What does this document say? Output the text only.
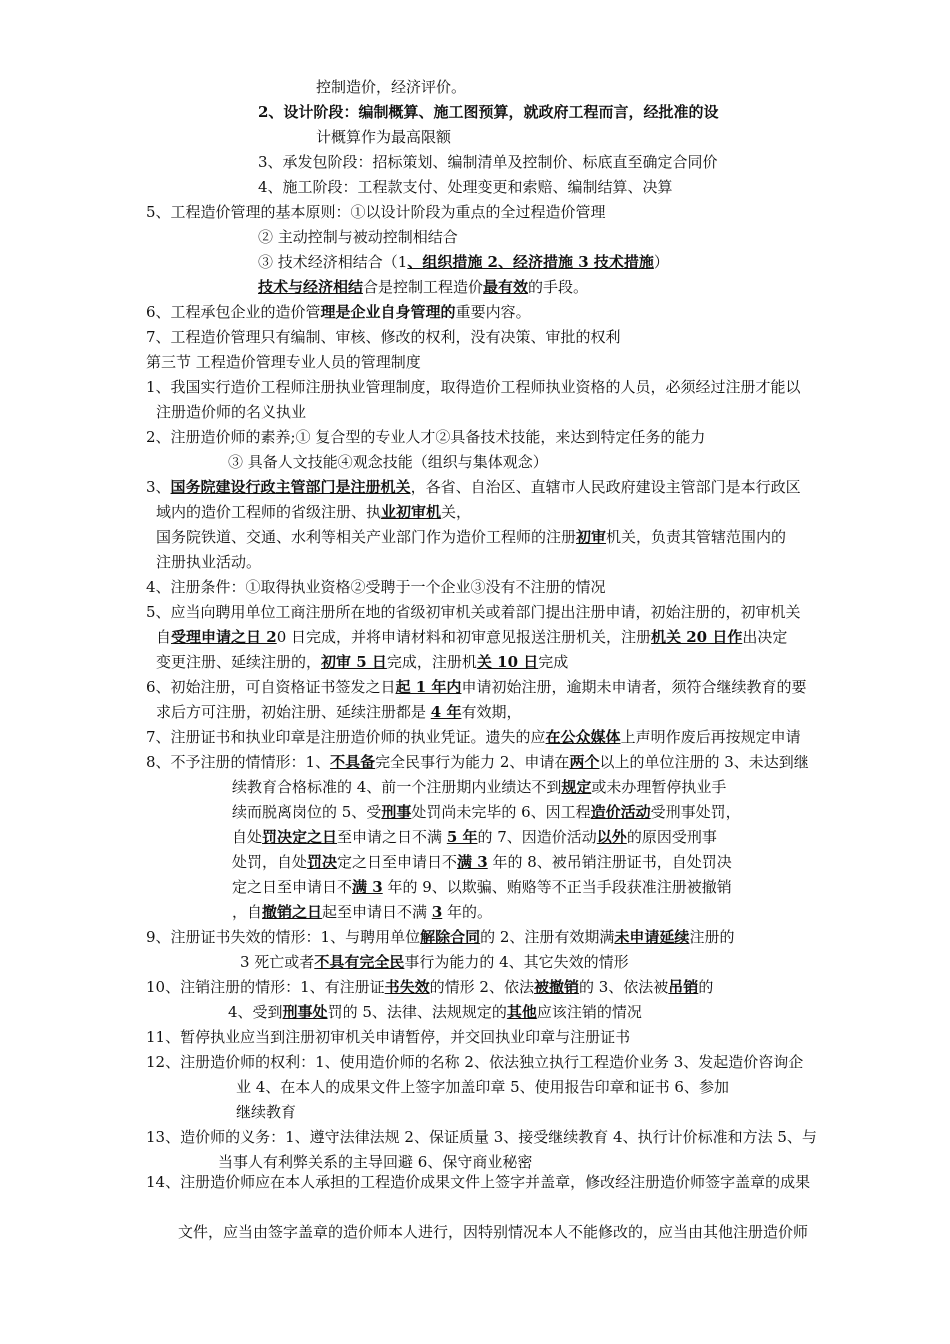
控制造价，经济评价。
2、设计阶段：编制概算、施工图预算，就政府工程而言，经批准的设
计概算作为最高限额
3、承发包阶段：招标策划、编制清单及控制价、标底直至确定合同价
4、施工阶段：工程款支付、处理变更和索赔、编制结算、决算
5、工程造价管理的基本原则：①以设计阶段为重点的全过程造价管理
② 主动控制与被动控制相结合
③ 技术经济相结合（1、组织措施 2、经济措施 3 技术措施）
技术与经济相结合是控制工程造价最有效的手段。
6、工程承包企业的造价管理是企业自身管理的重要内容。
7、工程造价管理只有编制、审核、修改的权利，没有决策、审批的权利
第三节 工程造价管理专业人员的管理制度
1、我国实行造价工程师注册执业管理制度，取得造价工程师执业资格的人员，必须经过注册才能以
注册造价师的名义执业
2、注册造价师的素养;① 复合型的专业人才②具备技术技能，来达到特定任务的能力
③ 具备人文技能④观念技能（组织与集体观念）
3、国务院建设行政主管部门是注册机关，各省、自治区、直辖市人民政府建设主管部门是本行政区
域内的造价工程师的省级注册、执业初审机关，
国务院铁道、交通、水利等相关产业部门作为造价工程师的注册初审机关，负责其管辖范围内的
注册执业活动。
4、注册条件：①取得执业资格②受聘于一个企业③没有不注册的情况
5、应当向聘用单位工商注册所在地的省级初审机关或着部门提出注册申请，初始注册的，初审机关
自受理申请之日 20 日完成，并将申请材料和初审意见报送注册机关，注册机关 20 日作出决定
变更注册、延续注册的，初审 5 日完成，注册机关 10 日完成
6、初始注册，可自资格证书签发之日起 1 年内申请初始注册，逾期未申请者，须符合继续教育的要
求后方可注册，初始注册、延续注册都是 4 年有效期，
7、注册证书和执业印章是注册造价师的执业凭证。遗失的应在公众媒体上声明作废后再按规定申请
8、不予注册的情情形：1、不具备完全民事行为能力 2、申请在两个以上的单位注册的 3、未达到继
续教育合格标准的 4、前一个注册期内业绩达不到规定或未办理暂停执业手
续而脱离岗位的 5、受刑事处罚尚未完毕的 6、因工程造价活动受刑事处罚，
自处罚决定之日至申请之日不满 5 年的 7、因造价活动以外的原因受刑事
处罚，自处罚决定之日至申请日不满 3 年的 8、被吊销注册证书，自处罚决
定之日至申请日不满 3 年的 9、以欺骗、贿赂等不正当手段获准注册被撤销
，自撤销之日起至申请日不满 3 年的。
9、注册证书失效的情形：1、与聘用单位解除合同的 2、注册有效期满未申请延续注册的
3 死亡或者不具有完全民事行为能力的 4、其它失效的情形
10、注销注册的情形：1、有注册证书失效的情形 2、依法被撤销的 3、依法被吊销的
4、受到刑事处罚的 5、法律、法规规定的其他应该注销的情况
11、暂停执业应当到注册初审机关申请暂停，并交回执业印章与注册证书
12、注册造价师的权利：1、使用造价师的名称 2、依法独立执行工程造价业务 3、发起造价咨询企
业 4、在本人的成果文件上签字加盖印章 5、使用报告印章和证书 6、参加
继续教育
13、造价师的义务：1、遵守法律法规 2、保证质量 3、接受继续教育 4、执行计价标准和方法 5、与
当事人有利弊关系的主导回避 6、保守商业秘密
14、注册造价师应在本人承担的工程造价成果文件上签字并盖章，修改经注册造价师签字盖章的成果
文件，应当由签字盖章的造价师本人进行，因特别情况本人不能修改的，应当由其他注册造价师
